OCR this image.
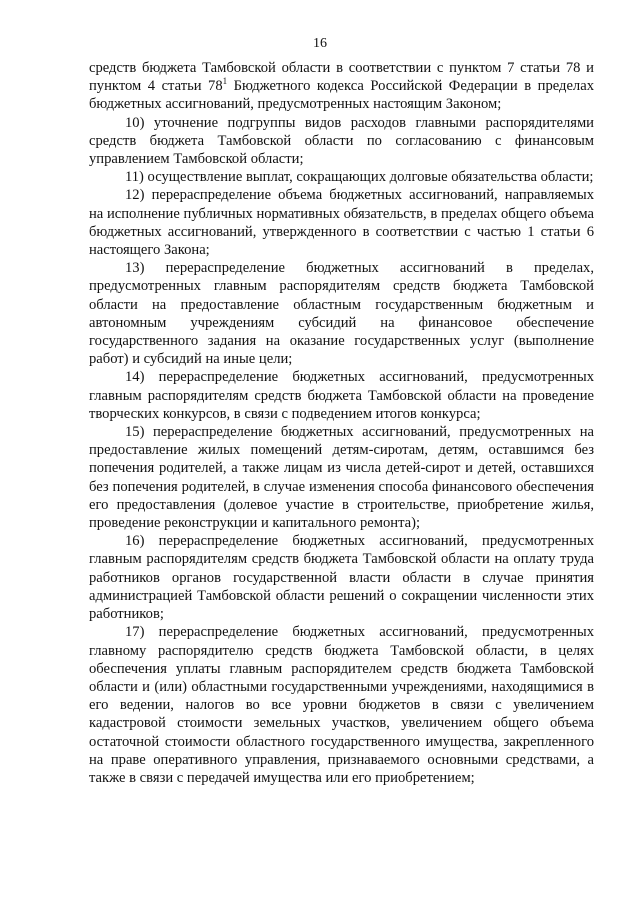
16

средств бюджета Тамбовской области в соответствии с пунктом 7 статьи 78 и пунктом 4 статьи $78^1$ Бюджетного кодекса Российской Федерации в пределах бюджетных ассигнований, предусмотренных настоящим Законом;

10) уточнение подгруппы видов расходов главными распорядителями средств бюджета Тамбовской области по согласованию с финансовым управлением Тамбовской области;

11) осуществление выплат, сокращающих долговые обязательства области;

12) перераспределение объема бюджетных ассигнований, направляемых на исполнение публичных нормативных обязательств, в пределах общего объема бюджетных ассигнований, утвержденного в соответствии с частью 1 статьи 6 настоящего Закона;

13) перераспределение бюджетных ассигнований в пределах, предусмотренных главным распорядителям средств бюджета Тамбовской области на предоставление областным государственным бюджетным и автономным учреждениям субсидий на финансовое обеспечение государственного задания на оказание государственных услуг (выполнение работ) и субсидий на иные цели;

14) перераспределение бюджетных ассигнований, предусмотренных главным распорядителям средств бюджета Тамбовской области на проведение творческих конкурсов, в связи с подведением итогов конкурса;

15) перераспределение бюджетных ассигнований, предусмотренных на предоставление жилых помещений детям-сиротам, детям, оставшимся без попечения родителей, а также лицам из числа детей-сирот и детей, оставшихся без попечения родителей, в случае изменения способа финансового обеспечения его предоставления (долевое участие в строительстве, приобретение жилья, проведение реконструкции и капитального ремонта);

16) перераспределение бюджетных ассигнований, предусмотренных главным распорядителям средств бюджета Тамбовской области на оплату труда работников органов государственной власти области в случае принятия администрацией Тамбовской области решений о сокращении численности этих работников;

17) перераспределение бюджетных ассигнований, предусмотренных главному распорядителю средств бюджета Тамбовской области, в целях обеспечения уплаты главным распорядителем средств бюджета Тамбовской области и (или) областными государственными учреждениями, находящимися в его ведении, налогов во все уровни бюджетов в связи с увеличением кадастровой стоимости земельных участков, увеличением общего объема остаточной стоимости областного государственного имущества, закрепленного на праве оперативного управления, признаваемого основными средствами, а также в связи с передачей имущества или его приобретением;
